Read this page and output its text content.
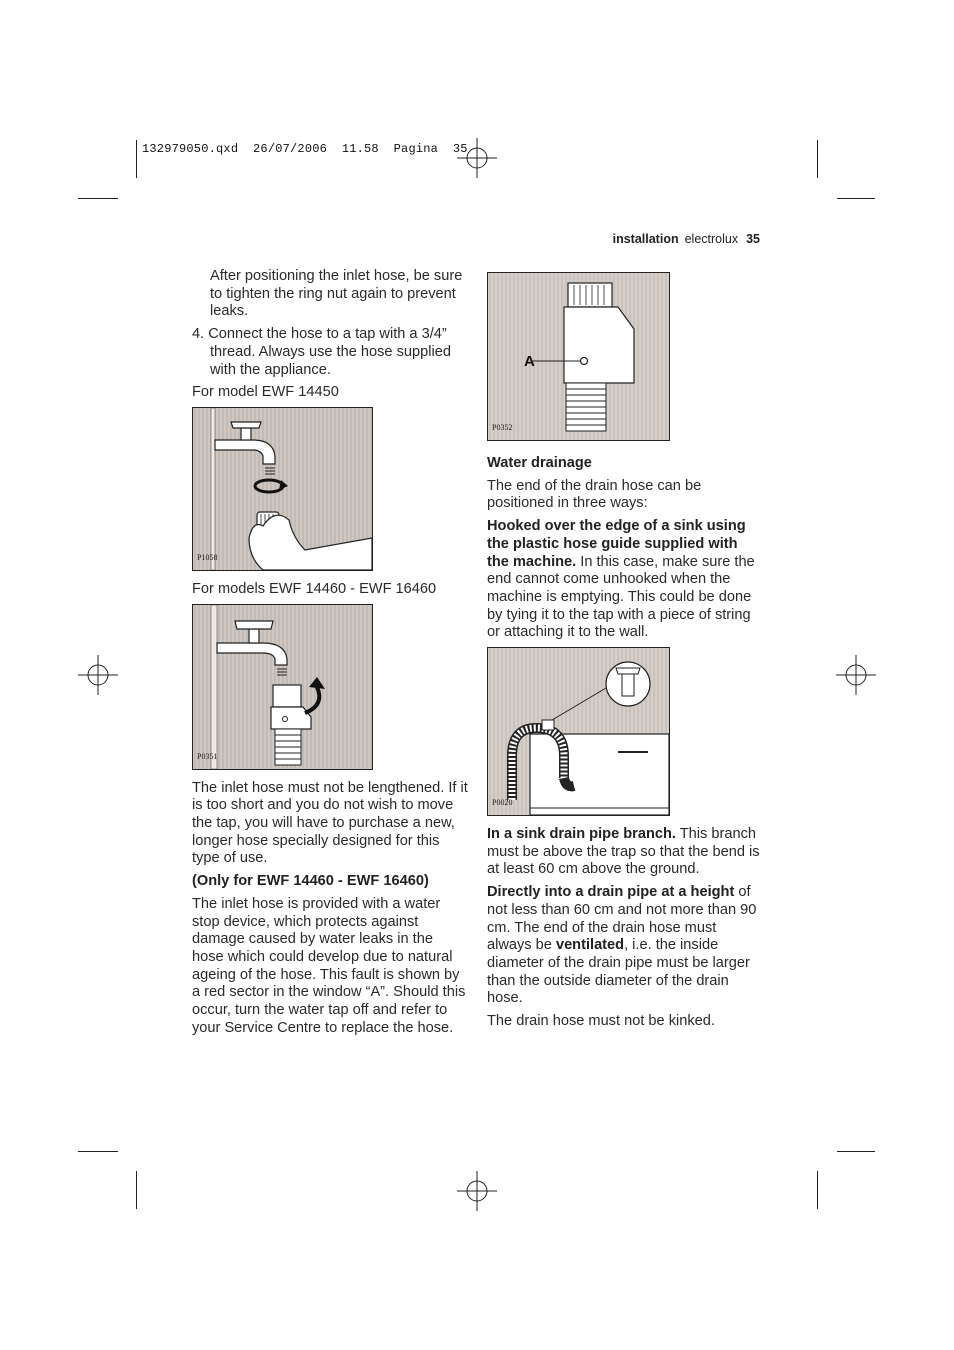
132979050.qxd  26/07/2006  11.58  Pagina  35
installation electrolux 35

After positioning the inlet hose, be sure to tighten the ring nut again to prevent leaks.

4. Connect the hose to a tap with a 3/4” thread. Always use the hose supplied with the appliance.

For model EWF 14450

P1058

For models EWF 14460 - EWF 16460

P0351

The inlet hose must not be lengthened. If it is too short and you do not wish to move the tap, you will have to purchase a new, longer hose specially designed for this type of use.

(Only for EWF 14460 - EWF 16460)

The inlet hose is provided with a water stop device, which protects against damage caused by water leaks in the hose which could develop due to natural ageing of the hose. This fault is shown by a red sector in the window “A”. Should this occur, turn the water tap off and refer to your Service Centre to replace the hose.

A
P0352

Water drainage

The end of the drain hose can be positioned in three ways:

Hooked over the edge of a sink using the plastic hose guide supplied with the machine. In this case, make sure the end cannot come unhooked when the machine is emptying. This could be done by tying it to the tap with a piece of string or attaching it to the wall.

P0020

In a sink drain pipe branch. This branch must be above the trap so that the bend is at least 60 cm above the ground.

Directly into a drain pipe at a height of not less than 60 cm and not more than 90 cm. The end of the drain hose must always be ventilated, i.e. the inside diameter of the drain pipe must be larger than the outside diameter of the drain hose.

The drain hose must not be kinked.
